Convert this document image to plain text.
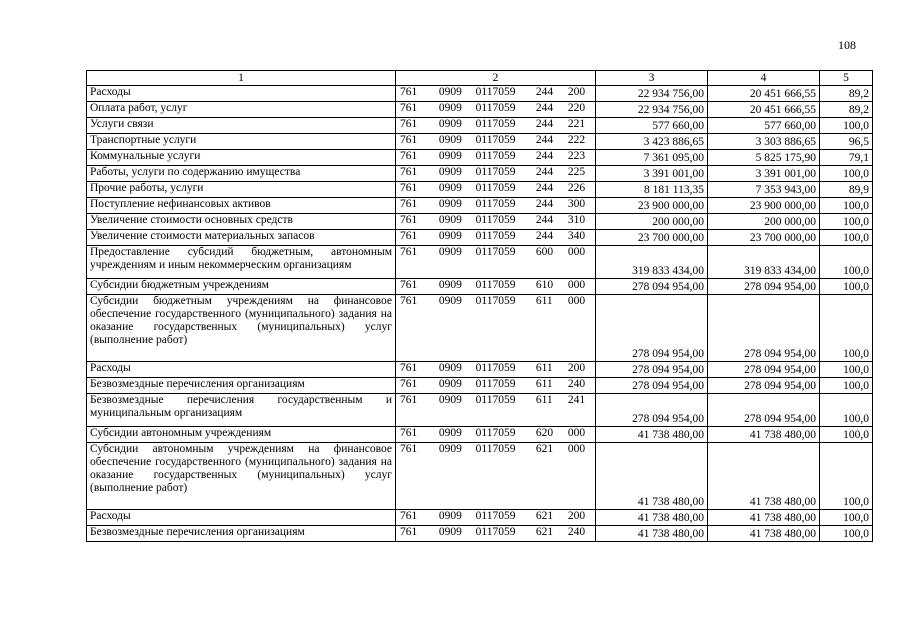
108
1	2	3	4	5
Расходы	761 0909 0117059 244 200	22 934 756,00	20 451 666,55	89,2
Оплата работ, услуг	761 0909 0117059 244 220	22 934 756,00	20 451 666,55	89,2
Услуги связи	761 0909 0117059 244 221	577 660,00	577 660,00	100,0
Транспортные услуги	761 0909 0117059 244 222	3 423 886,65	3 303 886,65	96,5
Коммунальные услуги	761 0909 0117059 244 223	7 361 095,00	5 825 175,90	79,1
Работы, услуги по содержанию имущества	761 0909 0117059 244 225	3 391 001,00	3 391 001,00	100,0
Прочие работы, услуги	761 0909 0117059 244 226	8 181 113,35	7 353 943,00	89,9
Поступление нефинансовых активов	761 0909 0117059 244 300	23 900 000,00	23 900 000,00	100,0
Увеличение стоимости основных средств	761 0909 0117059 244 310	200 000,00	200 000,00	100,0
Увеличение стоимости материальных запасов	761 0909 0117059 244 340	23 700 000,00	23 700 000,00	100,0
Предоставление субсидий бюджетным, автономным учреждениям и иным некоммерческим организациям	761 0909 0117059 600 000	319 833 434,00	319 833 434,00	100,0
Субсидии бюджетным учреждениям	761 0909 0117059 610 000	278 094 954,00	278 094 954,00	100,0
Субсидии бюджетным учреждениям на финансовое обеспечение государственного (муниципального) задания на оказание государственных (муниципальных) услуг (выполнение работ)	761 0909 0117059 611 000	278 094 954,00	278 094 954,00	100,0
Расходы	761 0909 0117059 611 200	278 094 954,00	278 094 954,00	100,0
Безвозмездные перечисления организациям	761 0909 0117059 611 240	278 094 954,00	278 094 954,00	100,0
Безвозмездные перечисления государственным и муниципальным организациям	761 0909 0117059 611 241	278 094 954,00	278 094 954,00	100,0
Субсидии автономным учреждениям	761 0909 0117059 620 000	41 738 480,00	41 738 480,00	100,0
Субсидии автономным учреждениям на финансовое обеспечение государственного (муниципального) задания на оказание государственных (муниципальных) услуг (выполнение работ)	761 0909 0117059 621 000	41 738 480,00	41 738 480,00	100,0
Расходы	761 0909 0117059 621 200	41 738 480,00	41 738 480,00	100,0
Безвозмездные перечисления организациям	761 0909 0117059 621 240	41 738 480,00	41 738 480,00	100,0
